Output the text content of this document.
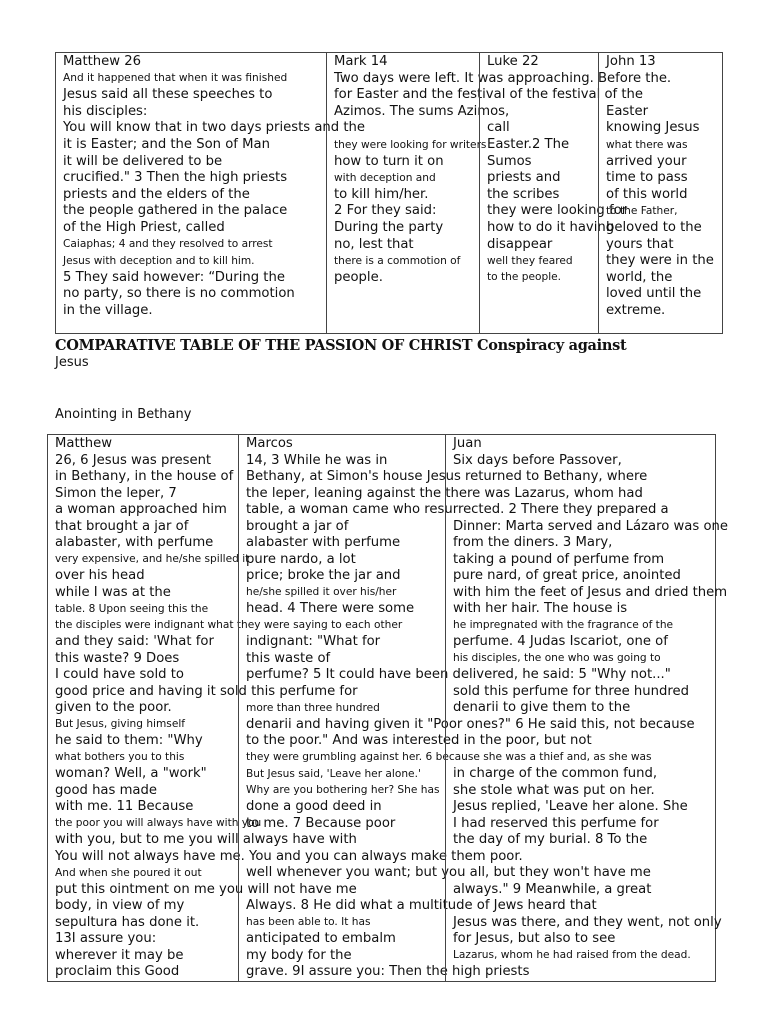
Matthew 26
And it happened that when it was finished
Jesus said all these speeches to
his disciples:
You will know that in two days priests and the
it is Easter; and the Son of Man
it will be delivered to be
crucified." 3 Then the high priests
priests and the elders of the
the people gathered in the palace
of the High Priest, called
Caiaphas; 4 and they resolved to arrest
Jesus with deception and to kill him.
5 They said however: “During the
no party, so there is no commotion
in the village.
Mark 14
Two days were left. It was approaching. Before the.
for Easter and the festival of the festival of the
Azimos. The sums Azimos,
they were looking for writers
how to turn it on
with deception and
to kill him/her.
2 For they said:
During the party
no, lest that
there is a commotion of
people.
Luke 22
call
Easter.2 The
Sumos
priests and
the scribes
they were looking for
how to do it having
disappear
well they feared
to the people.
John 13
Easter
knowing Jesus
what there was
arrived your
time to pass
of this world
to the Father,
beloved to the
yours that
they were in the
world, the
loved until the
extreme.
COMPARATIVE TABLE OF THE PASSION OF CHRIST Conspiracy against
Jesus
Anointing in Bethany
Matthew
26, 6 Jesus was present
in Bethany, in the house of
Simon the leper, 7
a woman approached him
that brought a jar of
alabaster, with perfume
very expensive, and he/she spilled it
over his head
while I was at the
table. 8 Upon seeing this the
the disciples were indignant what they were saying to each other
and they said: 'What for
this waste? 9 Does
I could have sold to
good price and having it sold this perfume for
given to the poor.
But Jesus, giving himself
he said to them: "Why
what bothers you to this
woman? Well, a "work"
good has made
with me. 11 Because
the poor you will always have with you
with you, but to me you will always have with
You will not always have me. You and you can always make them poor.
And when she poured it out
put this ointment on me you will not have me
body, in view of my
sepultura has done it.
13I assure you:
wherever it may be
proclaim this Good
Marcos
14, 3 While he was in
Bethany, at Simon's house Jesus returned to Bethany, where
the leper, leaning against the there was Lazarus, whom had
table, a woman came who resurrected. 2 There they prepared a
brought a jar of
alabaster with perfume
pure nardo, a lot
price; broke the jar and
he/she spilled it over his/her
head. 4 There were some
indignant: "What for
this waste of
perfume? 5 It could have been delivered, he said: 5 "Why not..."
more than three hundred
denarii and having given it "Poor ones?" 6 He said this, not because
to the poor." And was interested in the poor, but not
they were grumbling against her. 6 because she was a thief and, as she was
But Jesus said, 'Leave her alone.'
Why are you bothering her? She has
done a good deed in
to me. 7 Because poor
well whenever you want; but you all, but they won't have me
Always. 8 He did what a multitude of Jews heard that
has been able to. It has
anticipated to embalm
my body for the
grave. 9I assure you: Then the high priests
Juan
Six days before Passover,
Dinner: Marta served and Lázaro was one
from the diners. 3 Mary,
taking a pound of perfume from
pure nard, of great price, anointed
with him the feet of Jesus and dried them
with her hair. The house is
he impregnated with the fragrance of the
perfume. 4 Judas Iscariot, one of
his disciples, the one who was going to
sold this perfume for three hundred
denarii to give them to the
in charge of the common fund,
she stole what was put on her.
Jesus replied, 'Leave her alone. She
I had reserved this perfume for
the day of my burial. 8 To the
always." 9 Meanwhile, a great
Jesus was there, and they went, not only
for Jesus, but also to see
Lazarus, whom he had raised from the dead.
